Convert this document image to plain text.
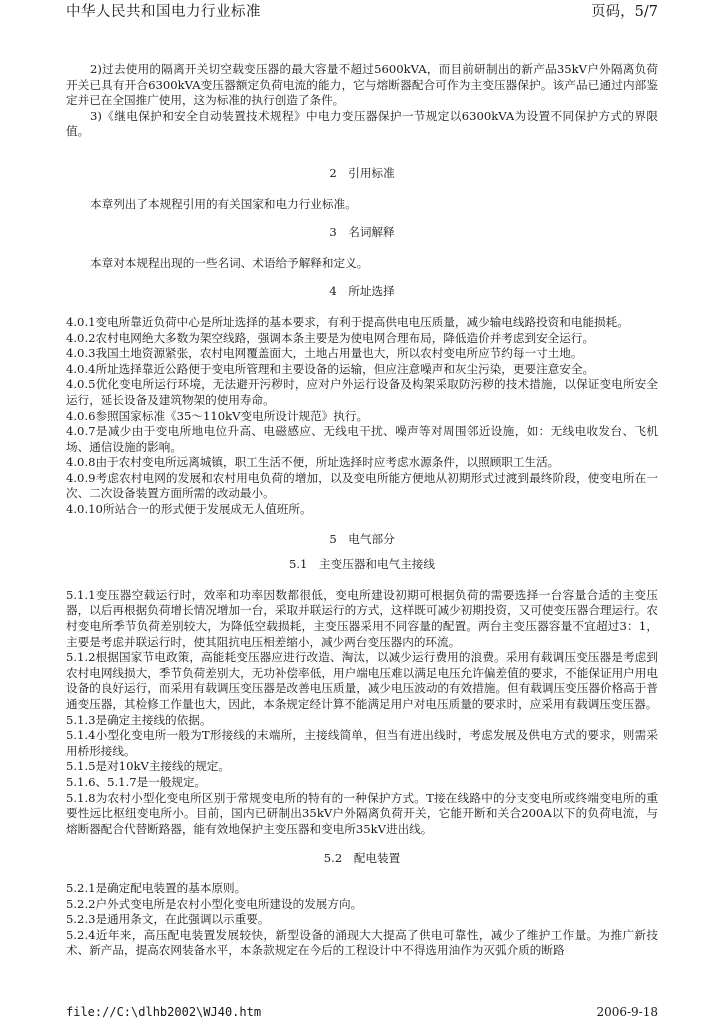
中华人民共和国电力行业标准	页码，5/7

2)过去使用的隔离开关切空载变压器的最大容量不超过5600kVA，而目前研制出的新产品35kV户外隔离负荷开关已具有开合6300kVA变压器额定负荷电流的能力，它与熔断器配合可作为主变压器保护。该产品已通过内部鉴定并已在全国推广使用，这为标准的执行创造了条件。

3)《继电保护和安全自动装置技术规程》中电力变压器保护一节规定以6300kVA为设置不同保护方式的界限值。

2　引用标准

本章列出了本规程引用的有关国家和电力行业标准。

3　名词解释

本章对本规程出现的一些名词、术语给予解释和定义。

4　所址选择

4.0.1变电所靠近负荷中心是所址选择的基本要求，有利于提高供电电压质量，减少输电线路投资和电能损耗。

4.0.2农村电网绝大多数为架空线路，强调本条主要是为使电网合理布局，降低造价并考虑到安全运行。

4.0.3我国土地资源紧张，农村电网覆盖面大，土地占用量也大，所以农村变电所应节约每一寸土地。

4.0.4所址选择靠近公路便于变电所管理和主要设备的运输，但应注意噪声和灰尘污染，更要注意安全。

4.0.5优化变电所运行环境，无法避开污秽时，应对户外运行设备及构架采取防污秽的技术措施，以保证变电所安全运行，延长设备及建筑物架的使用寿命。

4.0.6参照国家标准《35～110kV变电所设计规范》执行。

4.0.7是减少由于变电所地电位升高、电磁感应、无线电干扰、噪声等对周围邻近设施，如：无线电收发台、飞机场、通信设施的影响。

4.0.8由于农村变电所远离城镇，职工生活不便，所址选择时应考虑水源条件，以照顾职工生活。

4.0.9考虑农村电网的发展和农村用电负荷的增加，以及变电所能方便地从初期形式过渡到最终阶段，使变电所在一次、二次设备装置方面所需的改动最小。

4.0.10所站合一的形式便于发展成无人值班所。

5　电气部分

5.1　主变压器和电气主接线

5.1.1变压器空载运行时，效率和功率因数都很低，变电所建设初期可根据负荷的需要选择一台容量合适的主变压器，以后再根据负荷增长情况增加一台，采取并联运行的方式，这样既可减少初期投资，又可使变压器合理运行。农村变电所季节负荷差别较大，为降低空载损耗，主变压器采用不同容量的配置。两台主变压器容量不宜超过3：1，主要是考虑并联运行时，使其阻抗电压相差缩小，减少两台变压器内的环流。

5.1.2根据国家节电政策，高能耗变压器应进行改造、淘汰，以减少运行费用的浪费。采用有载调压变压器是考虑到农村电网线损大，季节负荷差别大，无功补偿率低，用户端电压难以满足电压允许偏差值的要求，不能保证用户用电设备的良好运行，而采用有载调压变压器是改善电压质量，减少电压波动的有效措施。但有载调压变压器价格高于普通变压器，其检修工作量也大，因此，本条规定经计算不能满足用户对电压质量的要求时，应采用有载调压变压器。

5.1.3是确定主接线的依据。

5.1.4小型化变电所一般为T形接线的末端所，主接线简单，但当有进出线时，考虑发展及供电方式的要求，则需采用桥形接线。

5.1.5是对10kV主接线的规定。

5.1.6、5.1.7是一般规定。

5.1.8为农村小型化变电所区别于常规变电所的特有的一种保护方式。T接在线路中的分支变电所或终端变电所的重要性远比枢纽变电所小。目前，国内已研制出35kV户外隔离负荷开关，它能开断和关合200A以下的负荷电流，与熔断器配合代替断路器，能有效地保护主变压器和变电所35kV进出线。

5.2　配电装置

5.2.1是确定配电装置的基本原则。

5.2.2户外式变电所是农村小型化变电所建设的发展方向。

5.2.3是通用条文，在此强调以示重要。

5.2.4近年来，高压配电装置发展较快，新型设备的涌现大大提高了供电可靠性，减少了维护工作量。为推广新技术、新产品，提高农网装备水平，本条款规定在今后的工程设计中不得选用油作为灭弧介质的断路

file://C:\dlhb2002\WJ40.htm	2006-9-18
